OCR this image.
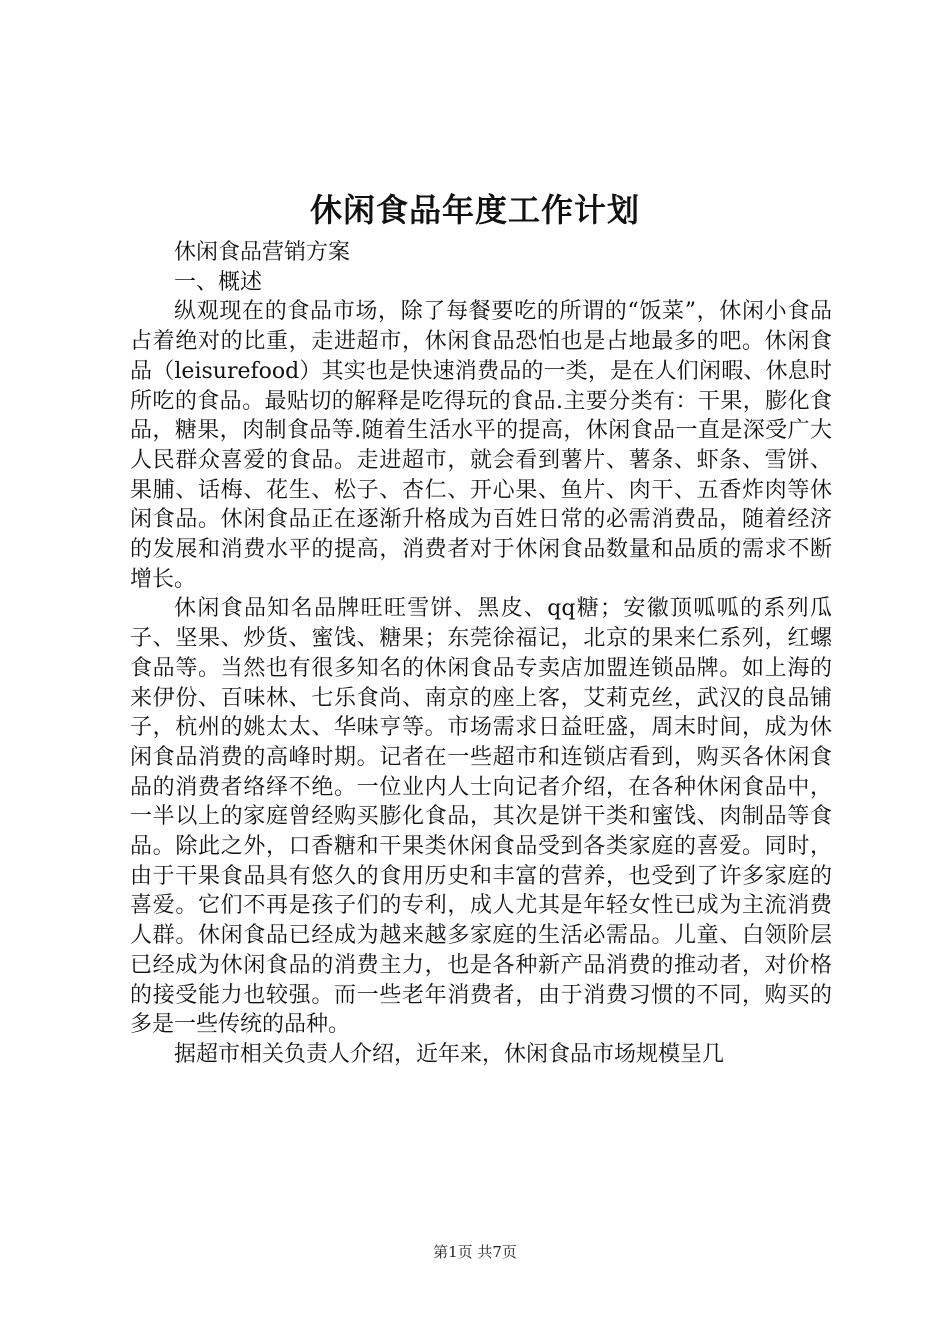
休闲食品年度工作计划

休闲食品营销方案

一、概述

纵观现在的食品市场，除了每餐要吃的所谓的“饭菜”，休闲小食品占着绝对的比重，走进超市，休闲食品恐怕也是占地最多的吧。休闲食品（leisurefood）其实也是快速消费品的一类，是在人们闲暇、休息时所吃的食品。最贴切的解释是吃得玩的食品.主要分类有：干果，膨化食品，糖果，肉制食品等.随着生活水平的提高，休闲食品一直是深受广大人民群众喜爱的食品。走进超市，就会看到薯片、薯条、虾条、雪饼、果脯、话梅、花生、松子、杏仁、开心果、鱼片、肉干、五香炸肉等休闲食品。休闲食品正在逐渐升格成为百姓日常的必需消费品，随着经济的发展和消费水平的提高，消费者对于休闲食品数量和品质的需求不断增长。

休闲食品知名品牌旺旺雪饼、黑皮、qq糖；安徽顶呱呱的系列瓜子、坚果、炒货、蜜饯、糖果；东莞徐福记，北京的果来仁系列，红螺食品等。当然也有很多知名的休闲食品专卖店加盟连锁品牌。如上海的来伊份、百味林、七乐食尚、南京的座上客，艾莉克丝，武汉的良品铺子，杭州的姚太太、华味亨等。市场需求日益旺盛，周末时间，成为休闲食品消费的高峰时期。记者在一些超市和连锁店看到，购买各休闲食品的消费者络绎不绝。一位业内人士向记者介绍，在各种休闲食品中，一半以上的家庭曾经购买膨化食品，其次是饼干类和蜜饯、肉制品等食品。除此之外，口香糖和干果类休闲食品受到各类家庭的喜爱。同时，由于干果食品具有悠久的食用历史和丰富的营养，也受到了许多家庭的喜爱。它们不再是孩子们的专利，成人尤其是年轻女性已成为主流消费人群。休闲食品已经成为越来越多家庭的生活必需品。儿童、白领阶层已经成为休闲食品的消费主力，也是各种新产品消费的推动者，对价格的接受能力也较强。而一些老年消费者，由于消费习惯的不同，购买的多是一些传统的品种。

据超市相关负责人介绍，近年来，休闲食品市场规模呈几

第1页 共7页
